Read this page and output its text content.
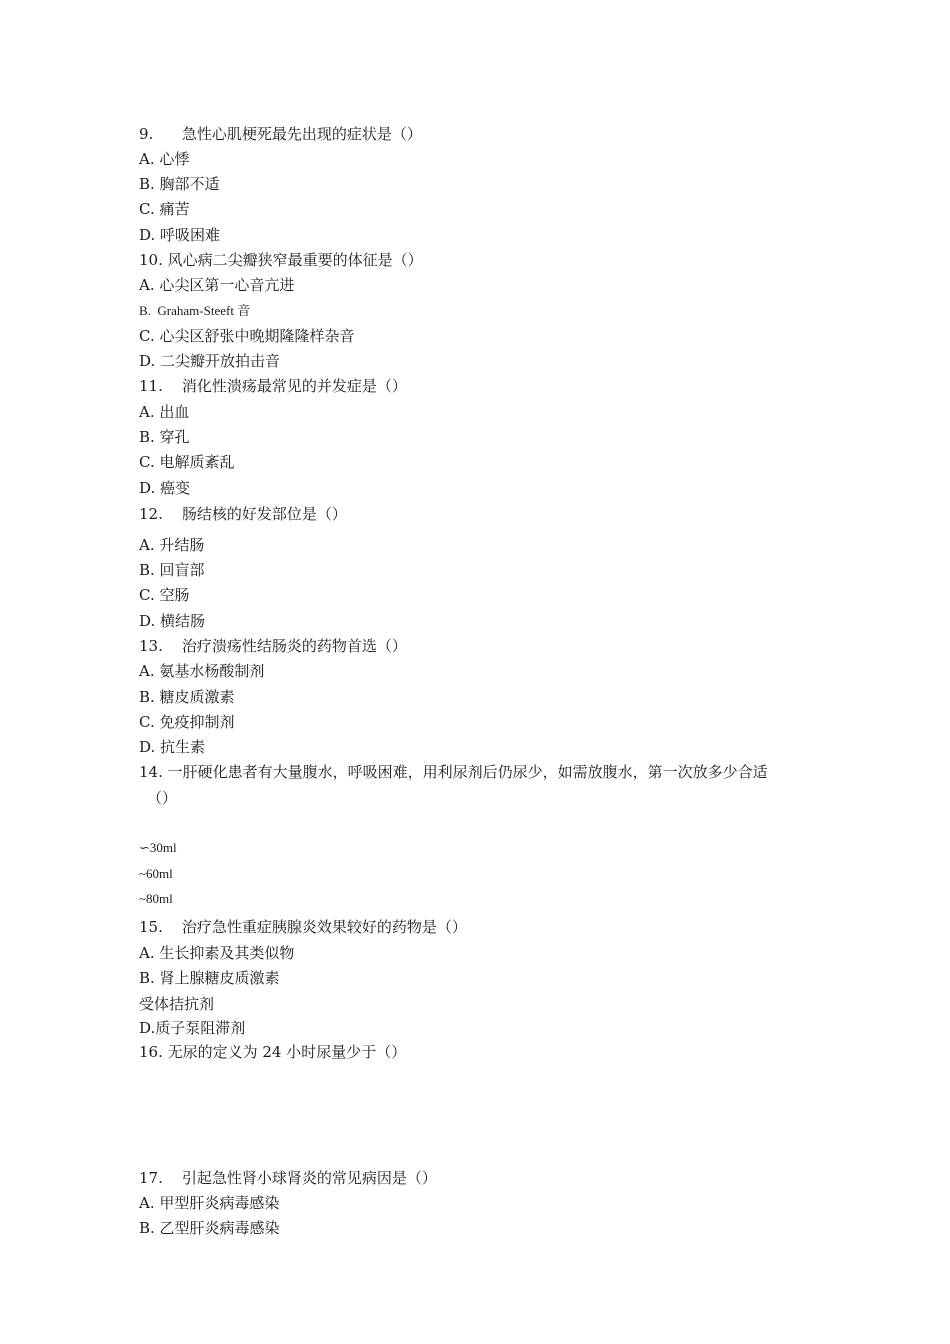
9.      急性心肌梗死最先出现的症状是（）
A. 心悸
B. 胸部不适
C. 痛苦
D. 呼吸困难
10. 风心病二尖瓣狭窄最重要的体征是（）
A. 心尖区第一心音亢进
B.  Graham-Steeft 音
C. 心尖区舒张中晚期隆隆样杂音
D. 二尖瓣开放拍击音
11.    消化性溃疡最常见的并发症是（）
A. 出血
B. 穿孔
C. 电解质紊乱
D. 癌变
12.    肠结核的好发部位是（）
A. 升结肠
B. 回盲部
C. 空肠
D. 横结肠
13.    治疗溃疡性结肠炎的药物首选（）
A. 氨基水杨酸制剂
B. 糖皮质激素
C. 免疫抑制剂
D. 抗生素
14. 一肝硬化患者有大量腹水，呼吸困难，用利尿剂后仍尿少，如需放腹水，第一次放多少合适
（）
∽30ml
~60ml
~80ml
15.    治疗急性重症胰腺炎效果较好的药物是（）
A. 生长抑素及其类似物
B. 肾上腺糖皮质激素
受体拮抗剂
D.质子泵阻滞剂
16. 无尿的定义为 24 小时尿量少于（）
17.    引起急性肾小球肾炎的常见病因是（）
A. 甲型肝炎病毒感染
B. 乙型肝炎病毒感染
